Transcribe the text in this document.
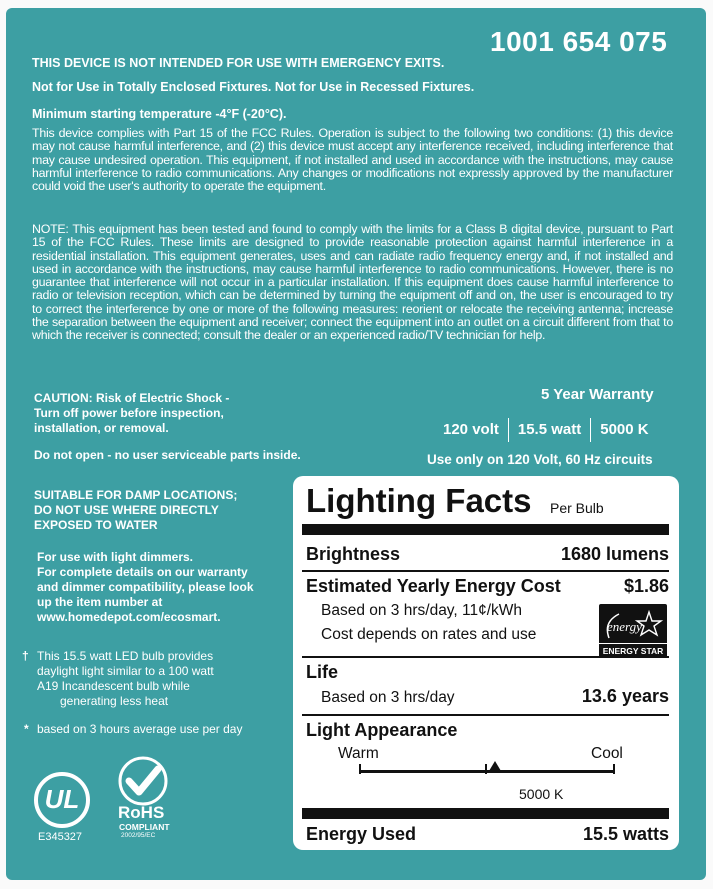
1001 654 075
THIS DEVICE IS NOT INTENDED FOR USE WITH EMERGENCY EXITS.
Not for Use in Totally Enclosed Fixtures. Not for Use in Recessed Fixtures.
Minimum starting temperature -4°F (-20°C).
This device complies with Part 15 of the FCC Rules. Operation is subject to the following two conditions: (1) this device may not cause harmful interference, and (2) this device must accept any interference received, including interference that may cause undesired operation. This equipment, if not installed and used in accordance with the instructions, may cause harmful interference to radio communications. Any changes or modifications not expressly approved by the manufacturer could void the user's authority to operate the equipment.
NOTE: This equipment has been tested and found to comply with the limits for a Class B digital device, pursuant to Part 15 of the FCC Rules. These limits are designed to provide reasonable protection against harmful interference in a residential installation. This equipment generates, uses and can radiate radio frequency energy and, if not installed and used in accordance with the instructions, may cause harmful interference to radio communications. However, there is no guarantee that interference will not occur in a particular installation. If this equipment does cause harmful interference to radio or television reception, which can be determined by turning the equipment off and on, the user is encouraged to try to correct the interference by one or more of the following measures: reorient or relocate the receiving antenna; increase the separation between the equipment and receiver; connect the equipment into an outlet on a circuit different from that to which the receiver is connected; consult the dealer or an experienced radio/TV technician for help.
CAUTION: Risk of Electric Shock -
Turn off power before inspection,
installation, or removal.
Do not open - no user serviceable parts inside.
5 Year Warranty
120 volt 15.5 watt 5000 K
Use only on 120 Volt, 60 Hz circuits
SUITABLE FOR DAMP LOCATIONS;
DO NOT USE WHERE DIRECTLY
EXPOSED TO WATER
For use with light dimmers.
For complete details on our warranty
and dimmer compatibility, please look
up the item number at
www.homedepot.com/ecosmart.
† This 15.5 watt LED bulb provides
daylight light similar to a 100 watt
A19 Incandescent bulb while
generating less heat
* based on 3 hours average use per day
UL
E345327
RoHS
COMPLIANT
2002/95/EC
Lighting Facts Per Bulb
Brightness	1680 lumens
Estimated Yearly Energy Cost	$1.86
Based on 3 hrs/day, 11¢/kWh
Cost depends on rates and use	energy
ENERGY STAR
Life
Based on 3 hrs/day	13.6 years
Light Appearance
Warm	Cool
5000 K
Energy Used	15.5 watts
